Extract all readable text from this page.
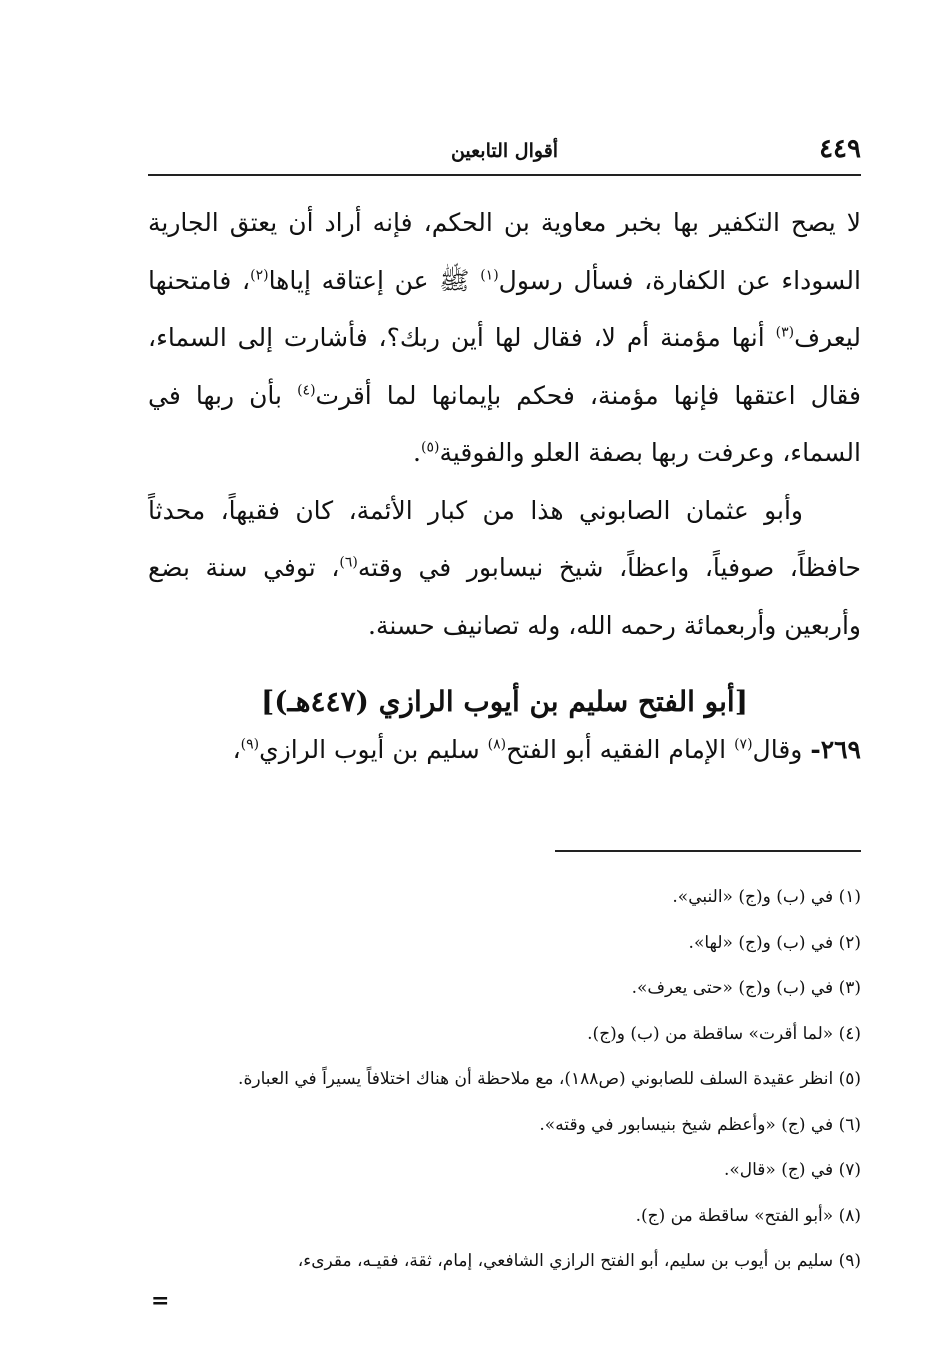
٤٤٩
أقوال التابعين

لا يصح التكفير بها بخبر معاوية بن الحكم، فإنه أراد أن يعتق الجارية السوداء عن الكفارة، فسأل رسول$^{(١)}$ ﷺ عن إعتاقه إياها$^{(٢)}$، فامتحنها ليعرف$^{(٣)}$ أنها مؤمنة أم لا، فقال لها أين ربك؟، فأشارت إلى السماء، فقال اعتقها فإنها مؤمنة، فحكم بإيمانها لما أقرت$^{(٤)}$ بأن ربها في السماء، وعرفت ربها بصفة العلو والفوقية$^{(٥)}$.

وأبو عثمان الصابوني هذا من كبار الأئمة، كان فقيهاً، محدثاً حافظاً، صوفياً، واعظاً، شيخ نيسابور في وقته$^{(٦)}$، توفي سنة بضع وأربعين وأربعمائة رحمه الله، وله تصانيف حسنة.

[أبو الفتح سليم بن أيوب الرازي (٤٤٧هـ)]
٢٦٩- وقال$^{(٧)}$ الإمام الفقيه أبو الفتح$^{(٨)}$ سليم بن أيوب الرازي$^{(٩)}$،
(١) في (ب) و(ج) «النبي».
(٢) في (ب) و(ج) «لها».
(٣) في (ب) و(ج) «حتى يعرف».
(٤) «لما أقرت» ساقطة من (ب) و(ج).
(٥) انظر عقيدة السلف للصابوني (ص١٨٨)، مع ملاحظة أن هناك اختلافاً يسيراً في العبارة.
(٦) في (ج) «وأعظم شيخ بنيسابور في وقته».
(٧) في (ج) «قال».
(٨) «أبو الفتح» ساقطة من (ج).
(٩) سليم بن أيوب بن سليم، أبو الفتح الرازي الشافعي، إمام، ثقة، فقيـه، مقرىء،
=
